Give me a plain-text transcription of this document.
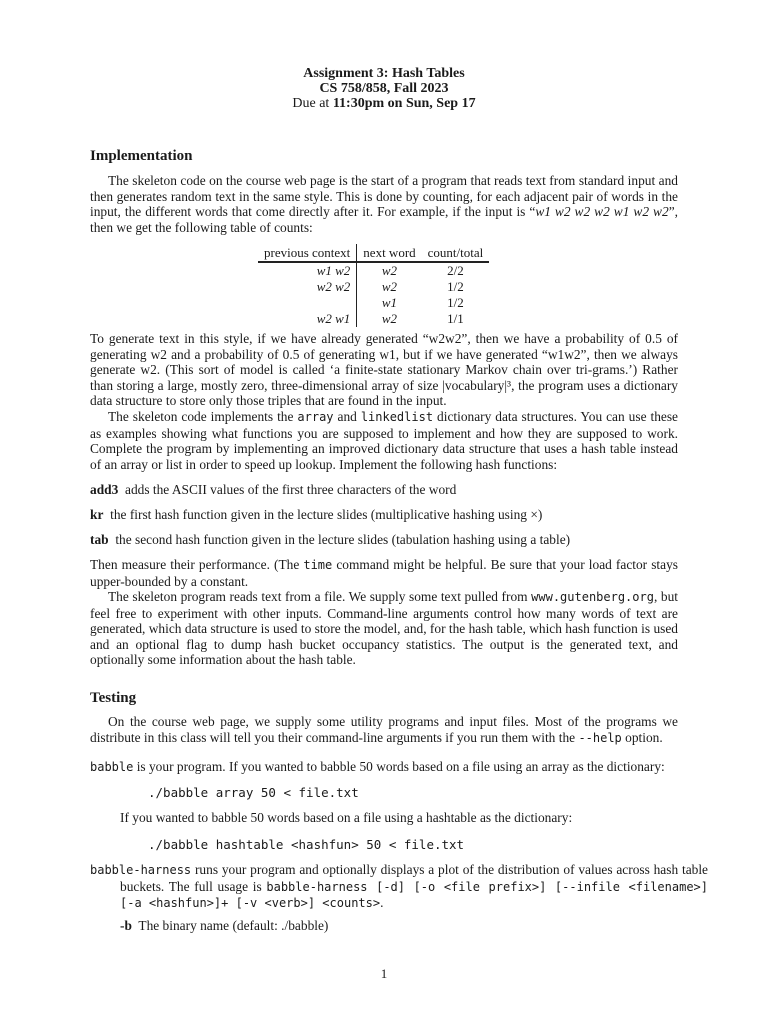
Assignment 3: Hash Tables
CS 758/858, Fall 2023
Due at 11:30pm on Sun, Sep 17
Implementation

The skeleton code on the course web page is the start of a program that reads text from standard input and then generates random text in the same style. This is done by counting, for each adjacent pair of words in the input, the different words that come directly after it. For example, if the input is “w1 w2 w2 w2 w1 w2 w2”, then we get the following table of counts:

previous context	next word	count/total
w1 w2	w2	2/2
w2 w2	w2	1/2
	w1	1/2
w2 w1	w2	1/1

To generate text in this style, if we have already generated “w2w2”, then we have a probability of 0.5 of generating w2 and a probability of 0.5 of generating w1, but if we have generated “w1w2”, then we always generate w2. (This sort of model is called ‘a finite-state stationary Markov chain over tri-grams.’) Rather than storing a large, mostly zero, three-dimensional array of size |vocabulary|³, the program uses a dictionary data structure to store only those triples that are found in the input.

The skeleton code implements the array and linkedlist dictionary data structures. You can use these as examples showing what functions you are supposed to implement and how they are supposed to work. Complete the program by implementing an improved dictionary data structure that uses a hash table instead of an array or list in order to speed up lookup. Implement the following hash functions:

add3 adds the ASCII values of the first three characters of the word

kr the first hash function given in the lecture slides (multiplicative hashing using ×)

tab the second hash function given in the lecture slides (tabulation hashing using a table)

Then measure their performance. (The time command might be helpful. Be sure that your load factor stays upper-bounded by a constant.

The skeleton program reads text from a file. We supply some text pulled from www.gutenberg.org, but feel free to experiment with other inputs. Command-line arguments control how many words of text are generated, which data structure is used to store the model, and, for the hash table, which hash function is used and an optional flag to dump hash bucket occupancy statistics. The output is the generated text, and optionally some information about the hash table.

Testing

On the course web page, we supply some utility programs and input files. Most of the programs we distribute in this class will tell you their command-line arguments if you run them with the --help option.

babble is your program. If you wanted to babble 50 words based on a file using an array as the dictionary:

./babble array 50 < file.txt

If you wanted to babble 50 words based on a file using a hashtable as the dictionary:

./babble hashtable <hashfun> 50 < file.txt

babble-harness runs your program and optionally displays a plot of the distribution of values across hash table buckets. The full usage is babble-harness [-d] [-o <file prefix>] [--infile <filename>] [-a <hashfun>]+ [-v <verb>] <counts>.

-b The binary name (default: ./babble)

1
